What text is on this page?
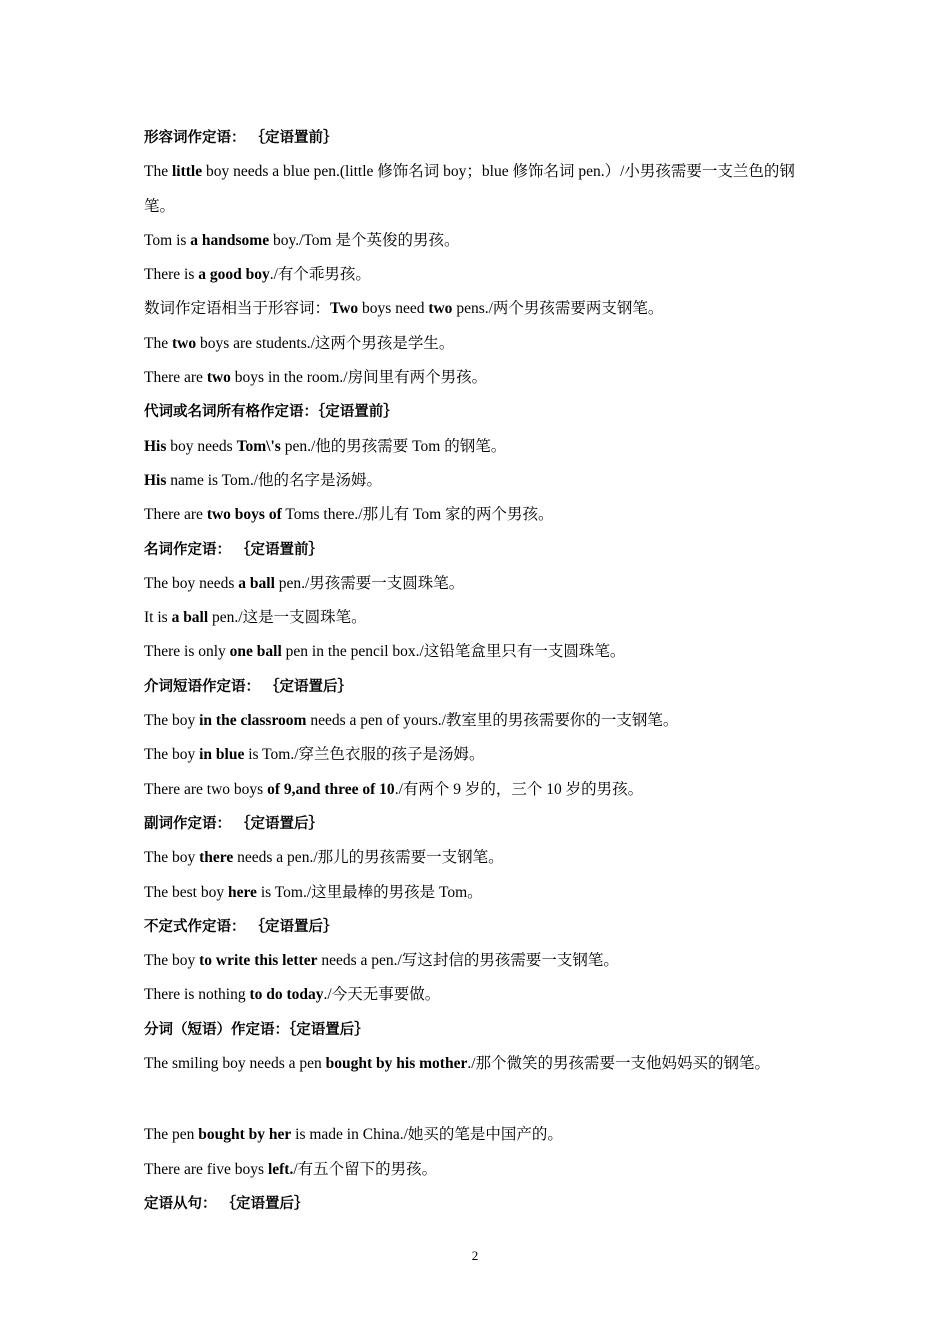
形容词作定语： ｛定语置前｝
The little boy needs a blue pen.(little 修饰名词 boy；blue 修饰名词 pen.）/小男孩需要一支兰色的钢笔。
Tom is a handsome boy./Tom 是个英俊的男孩。
There is a good boy./有个乖男孩。
数词作定语相当于形容词：Two boys need two pens./两个男孩需要两支钢笔。
The two boys are students./这两个男孩是学生。
There are two boys in the room./房间里有两个男孩。
代词或名词所有格作定语：｛定语置前｝
His boy needs Tom\'s pen./他的男孩需要 Tom 的钢笔。
His name is Tom./他的名字是汤姆。
There are two boys of Toms there./那儿有 Tom 家的两个男孩。
名词作定语： ｛定语置前｝
The boy needs a ball pen./男孩需要一支圆珠笔。
It is a ball pen./这是一支圆珠笔。
There is only one ball pen in the pencil box./这铅笔盒里只有一支圆珠笔。
介词短语作定语： ｛定语置后｝
The boy in the classroom needs a pen of yours./教室里的男孩需要你的一支钢笔。
The boy in blue is Tom./穿兰色衣服的孩子是汤姆。
There are two boys of 9,and three of 10./有两个 9 岁的，三个 10 岁的男孩。
副词作定语： ｛定语置后｝
The boy there needs a pen./那儿的男孩需要一支钢笔。
The best boy here is Tom./这里最棒的男孩是 Tom。
不定式作定语： ｛定语置后｝
The boy to write this letter needs a pen./写这封信的男孩需要一支钢笔。
There is nothing to do today./今天无事要做。
分词（短语）作定语：｛定语置后｝
The smiling boy needs a pen bought by his mother./那个微笑的男孩需要一支他妈妈买的钢笔。
The pen bought by her is made in China./她买的笔是中国产的。
There are five boys left./有五个留下的男孩。
定语从句： ｛定语置后｝
2
